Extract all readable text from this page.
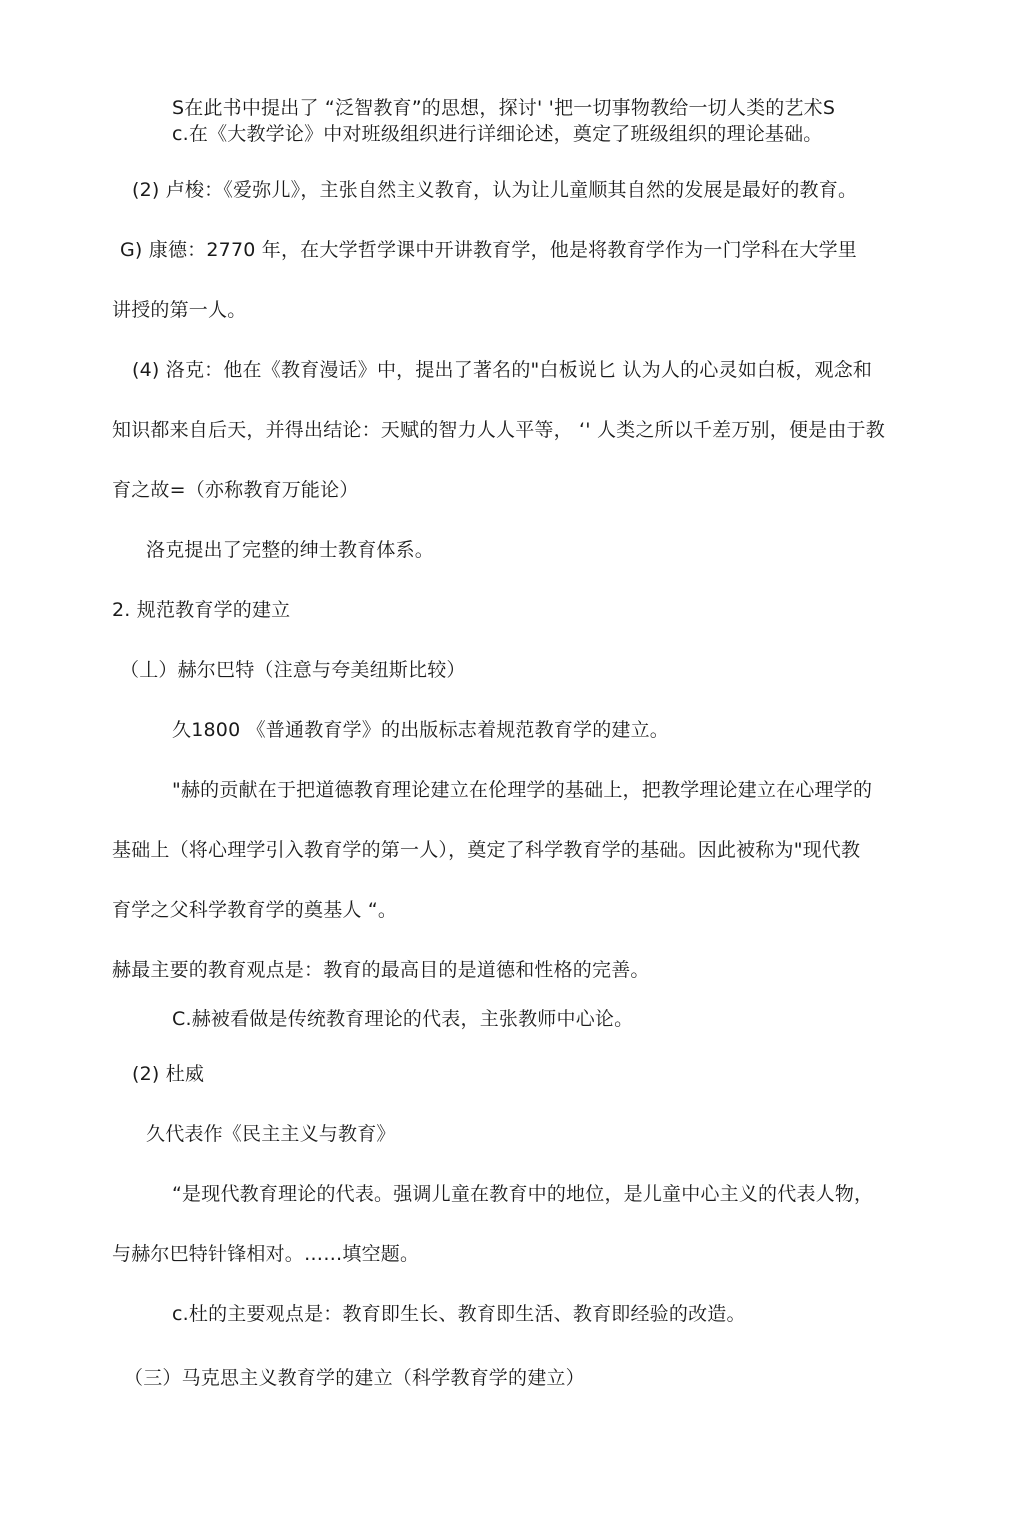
S在此书中提出了 “泛智教育”的思想，探讨' '把一切事物教给一切人类的艺术S
c.在《大教学论》中对班级组织进行详细论述，奠定了班级组织的理论基础。
(2) 卢梭：《爱弥儿》，主张自然主义教育，认为让儿童顺其自然的发展是最好的教育。
G) 康德：2770 年，在大学哲学课中开讲教育学，他是将教育学作为一门学科在大学里
讲授的第一人。
(4) 洛克：他在《教育漫话》中，提出了著名的"白板说匕 认为人的心灵如白板，观念和
知识都来自后天，并得出结论：天赋的智力人人平等， ‘' 人类之所以千差万别，便是由于教
育之故=（亦称教育万能论）
洛克提出了完整的绅士教育体系。
2. 规范教育学的建立
（丄）赫尔巴特（注意与夸美纽斯比较）
久1800 《普通教育学》的出版标志着规范教育学的建立。
"赫的贡献在于把道德教育理论建立在伦理学的基础上，把教学理论建立在心理学的
基础上（将心理学引入教育学的第一人），奠定了科学教育学的基础。因此被称为"现代教
育学之父科学教育学的奠基人 “。
赫最主要的教育观点是：教育的最高目的是道德和性格的完善。
C.赫被看做是传统教育理论的代表，主张教师中心论。
(2) 杜威
久代表作《民主主义与教育》
“是现代教育理论的代表。强调儿童在教育中的地位，是儿童中心主义的代表人物，
与赫尔巴特针锋相对。……填空题。
c.杜的主要观点是：教育即生长、教育即生活、教育即经验的改造。
（三）马克思主义教育学的建立（科学教育学的建立）
